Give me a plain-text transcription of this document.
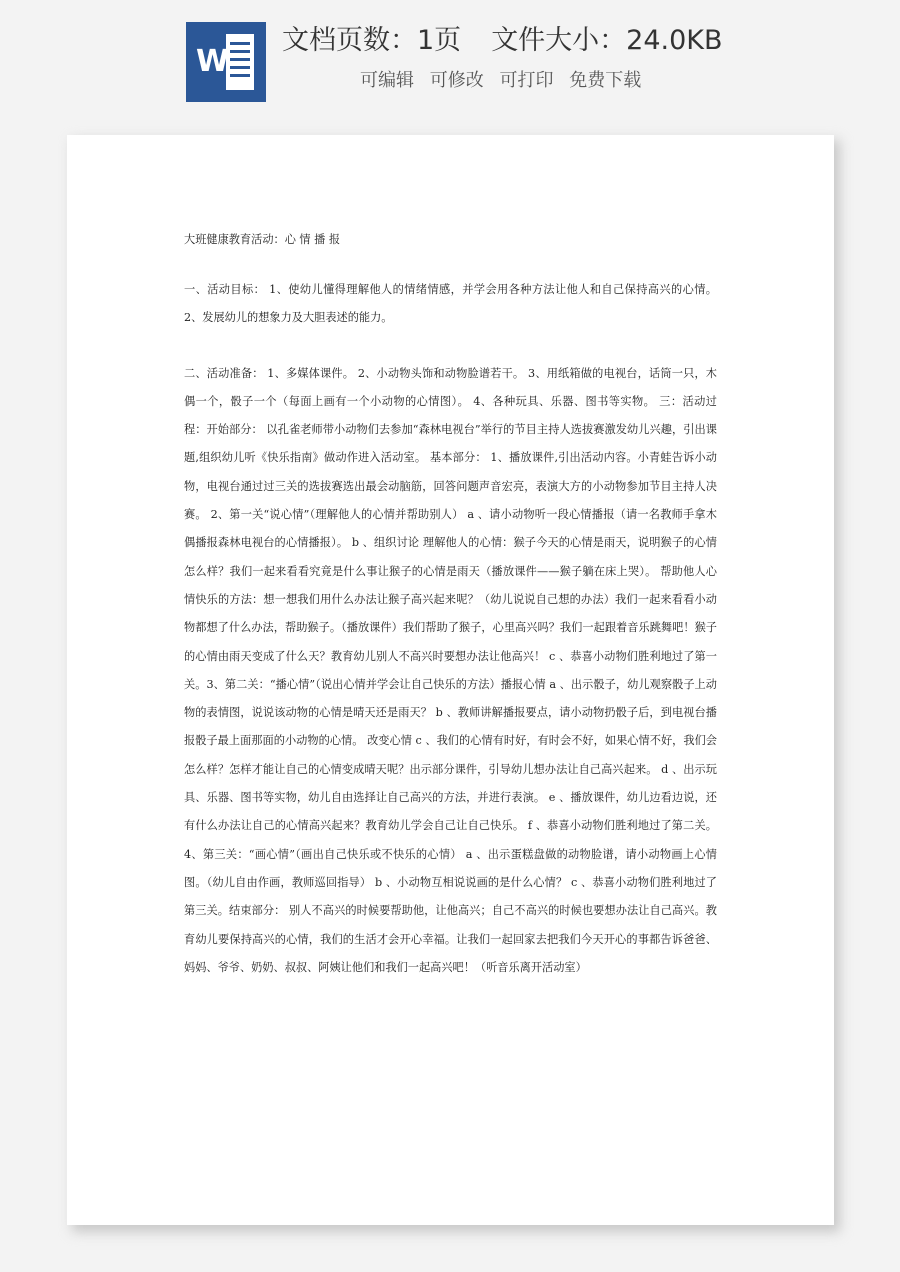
W
文档页数：1页 文件大小：24.0KB
可编辑 可修改 可打印 免费下载

大班健康教育活动：心 情 播 报

一、活动目标： 1、使幼儿懂得理解他人的情绪情感，并学会用各种方法让他人和自己保持高兴的心情。 2、发展幼儿的想象力及大胆表述的能力。

二、活动准备： 1、多媒体课件。 2、小动物头饰和动物脸谱若干。 3、用纸箱做的电视台，话筒一只，木偶一个，骰子一个（每面上画有一个小动物的心情图）。 4、各种玩具、乐器、图书等实物。 三：活动过程：开始部分： 以孔雀老师带小动物们去参加“森林电视台”举行的节目主持人选拔赛激发幼儿兴趣，引出课题,组织幼儿听《快乐指南》做动作进入活动室。 基本部分： 1、播放课件,引出活动内容。小青蛙告诉小动物，电视台通过过三关的选拔赛选出最会动脑筋，回答问题声音宏亮，表演大方的小动物参加节目主持人决赛。 2、第一关“说心情”（理解他人的心情并帮助别人） a 、请小动物听一段心情播报（请一名教师手拿木偶播报森林电视台的心情播报）。 b 、组织讨论 理解他人的心情：猴子今天的心情是雨天，说明猴子的心情怎么样？我们一起来看看究竟是什么事让猴子的心情是雨天（播放课件——猴子躺在床上哭）。 帮助他人心情快乐的方法：想一想我们用什么办法让猴子高兴起来呢？（幼儿说说自己想的办法）我们一起来看看小动物都想了什么办法，帮助猴子。（播放课件）我们帮助了猴子，心里高兴吗？我们一起跟着音乐跳舞吧！猴子的心情由雨天变成了什么天？教育幼儿别人不高兴时要想办法让他高兴！ c 、恭喜小动物们胜利地过了第一关。3、第二关：“播心情”（说出心情并学会让自己快乐的方法）播报心情 a 、出示骰子，幼儿观察骰子上动物的表情图，说说该动物的心情是晴天还是雨天？ b 、教师讲解播报要点，请小动物扔骰子后，到电视台播报骰子最上面那面的小动物的心情。 改变心情 c 、我们的心情有时好，有时会不好，如果心情不好，我们会怎么样？怎样才能让自己的心情变成晴天呢？出示部分课件，引导幼儿想办法让自己高兴起来。 d 、出示玩具、乐器、图书等实物，幼儿自由选择让自己高兴的方法，并进行表演。 e 、播放课件，幼儿边看边说，还有什么办法让自己的心情高兴起来？教育幼儿学会自己让自己快乐。 f 、恭喜小动物们胜利地过了第二关。 4、第三关：“画心情”（画出自己快乐或不快乐的心情） a 、出示蛋糕盘做的动物脸谱，请小动物画上心情图。（幼儿自由作画，教师巡回指导） b 、小动物互相说说画的是什么心情？ c 、恭喜小动物们胜利地过了第三关。结束部分： 别人不高兴的时候要帮助他，让他高兴；自己不高兴的时候也要想办法让自己高兴。教育幼儿要保持高兴的心情，我们的生活才会开心幸福。让我们一起回家去把我们今天开心的事都告诉爸爸、妈妈、爷爷、奶奶、叔叔、阿姨让他们和我们一起高兴吧！（听音乐离开活动室）
